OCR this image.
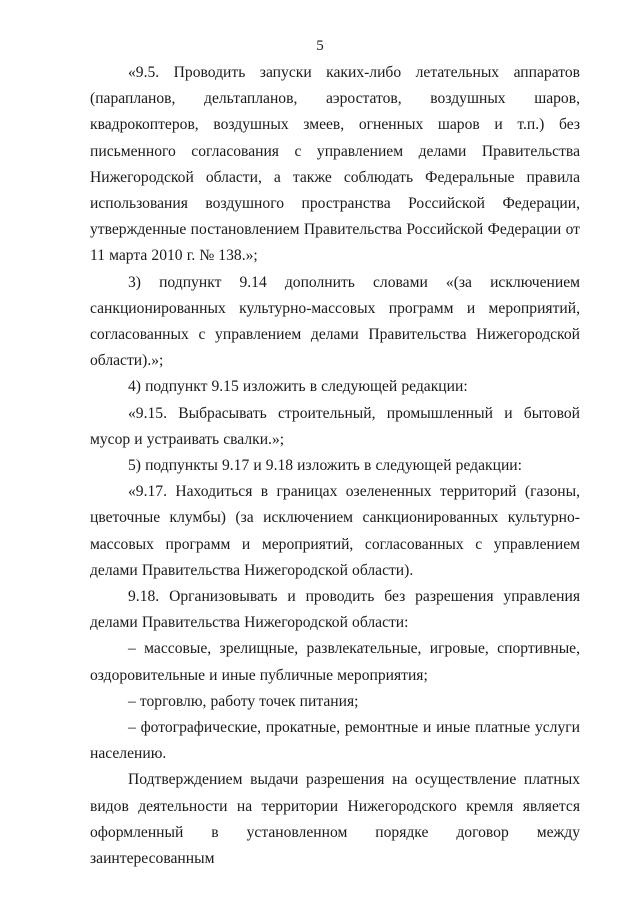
5

«9.5. Проводить запуски каких-либо летательных аппаратов (парапланов, дельтапланов, аэростатов, воздушных шаров, квадрокоптеров, воздушных змеев, огненных шаров и т.п.) без письменного согласования с управлением делами Правительства Нижегородской области, а также соблюдать Федеральные правила использования воздушного пространства Российской Федерации, утвержденные постановлением Правительства Российской Федерации от 11 марта 2010 г. № 138.»;

3) подпункт 9.14 дополнить словами «(за исключением санкционированных культурно-массовых программ и мероприятий, согласованных с управлением делами Правительства Нижегородской области).»;

4) подпункт 9.15 изложить в следующей редакции:

«9.15. Выбрасывать строительный, промышленный и бытовой мусор и устраивать свалки.»;

5) подпункты 9.17 и 9.18 изложить в следующей редакции:

«9.17. Находиться в границах озелененных территорий (газоны, цветочные клумбы) (за исключением санкционированных культурно-массовых программ и мероприятий, согласованных с управлением делами Правительства Нижегородской области).

9.18. Организовывать и проводить без разрешения управления делами Правительства Нижегородской области:

– массовые, зрелищные, развлекательные, игровые, спортивные, оздоровительные и иные публичные мероприятия;

– торговлю, работу точек питания;

– фотографические, прокатные, ремонтные и иные платные услуги населению.

Подтверждением выдачи разрешения на осуществление платных видов деятельности на территории Нижегородского кремля является оформленный в установленном порядке договор между заинтересованным
